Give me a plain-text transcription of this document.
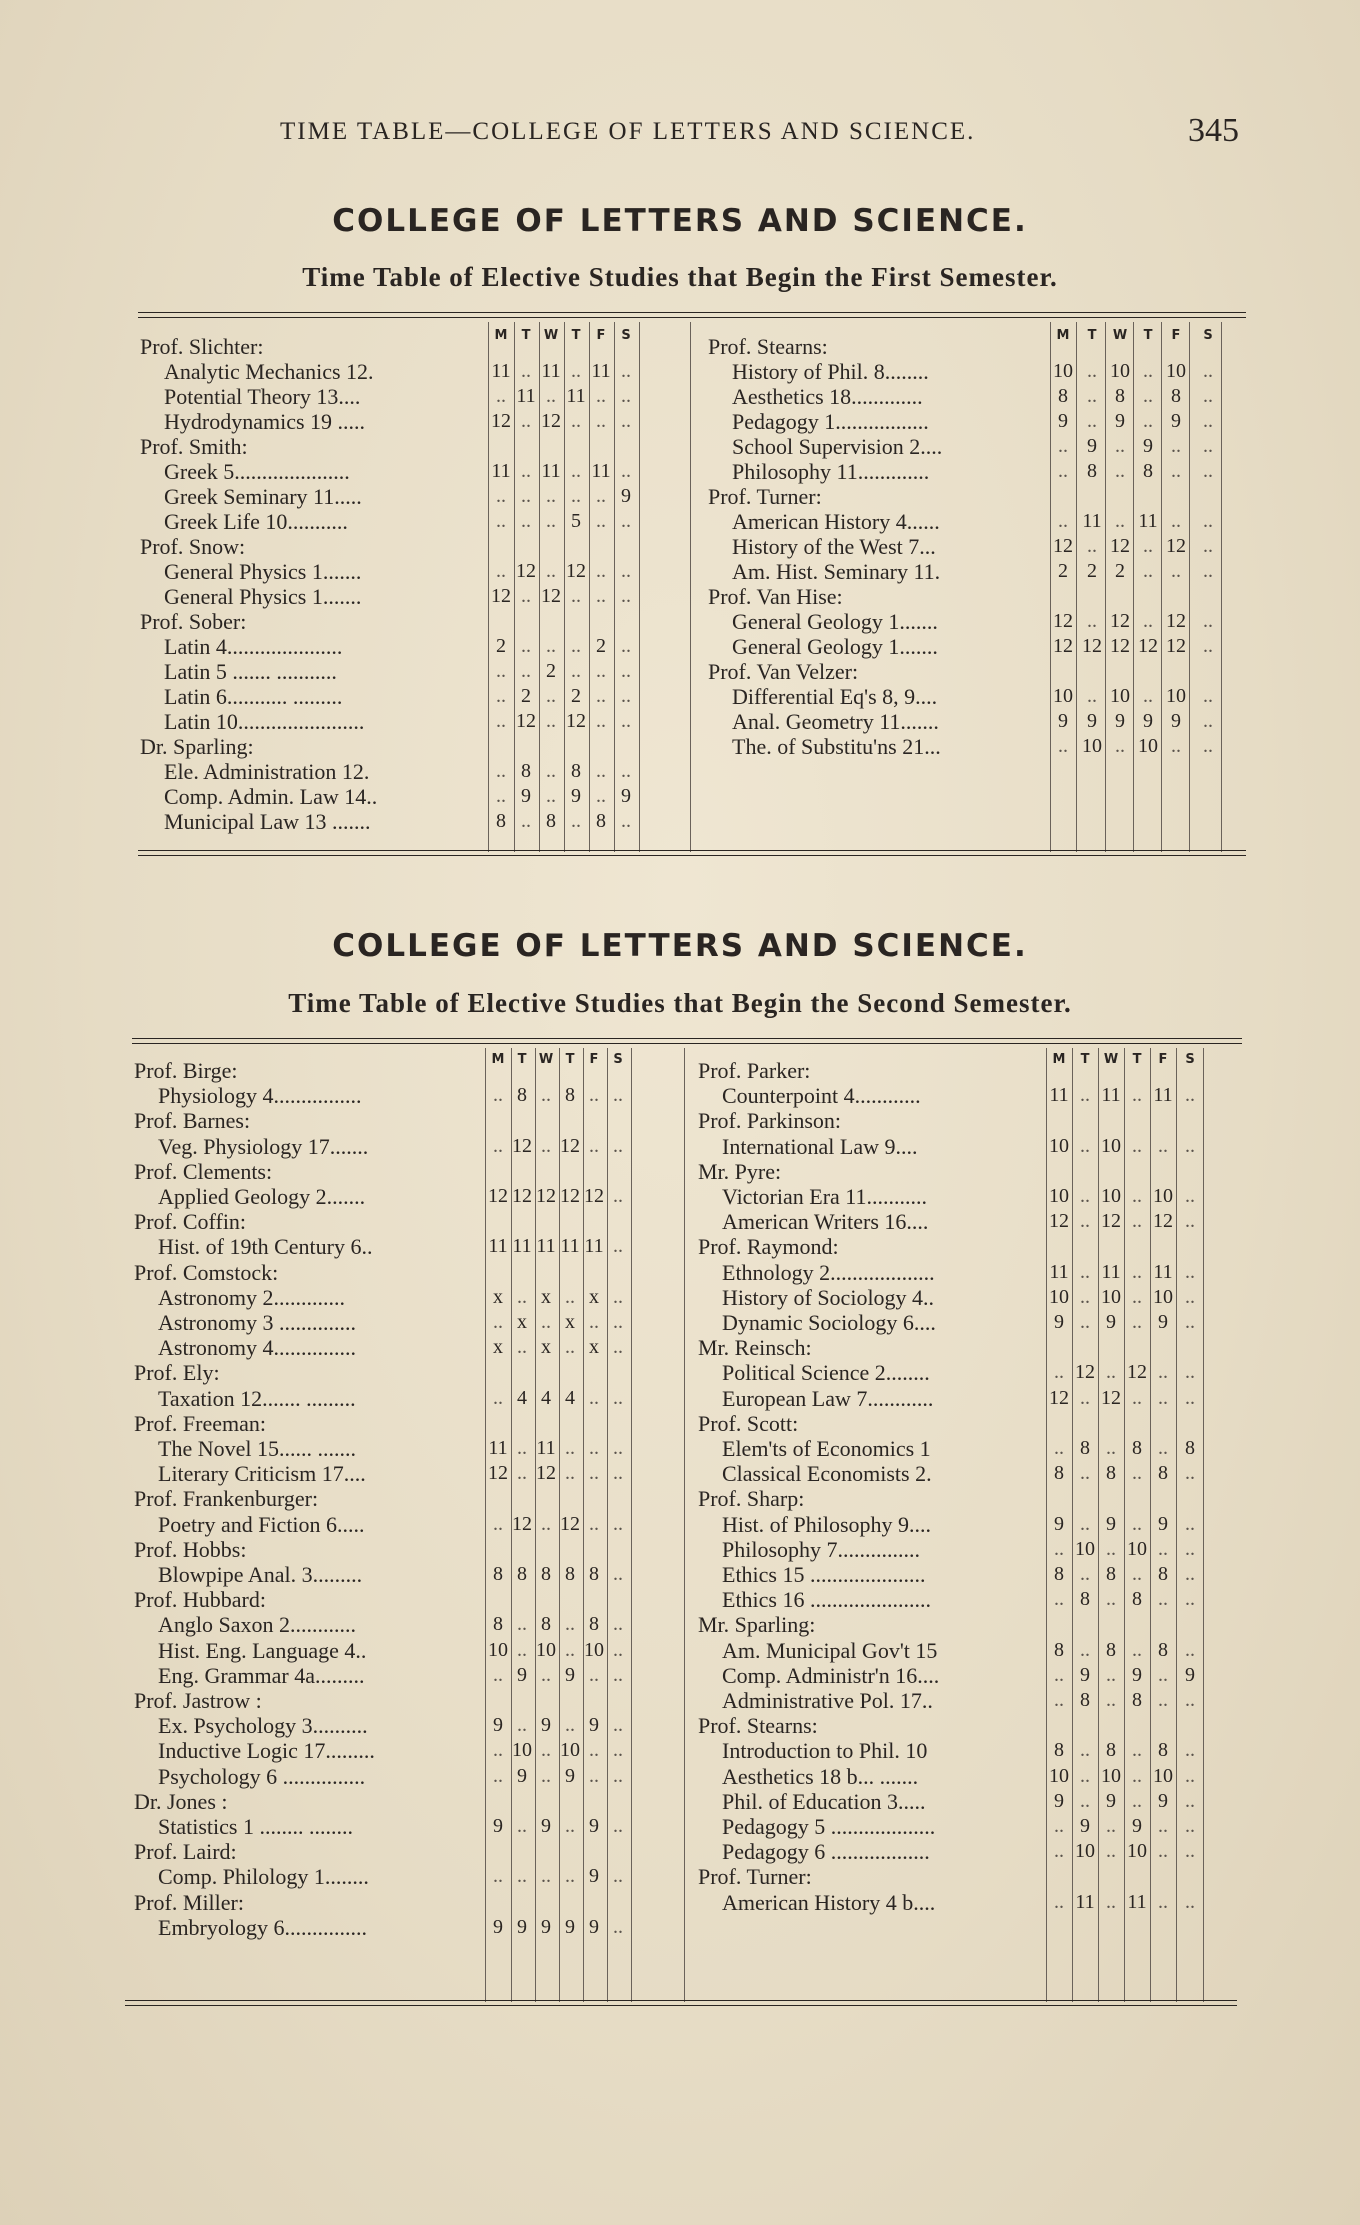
TIME TABLE—COLLEGE OF LETTERS AND SCIENCE.	345
COLLEGE OF LETTERS AND SCIENCE.
Time Table of Elective Studies that Begin the First Semester.
M	T	W	T	F	S
Prof. Slichter:
Analytic Mechanics 12.	11 .. 11 .. 11 ..
Potential Theory 13....	.. 11 .. 11 .. ..
Hydrodynamics 19 .....	12 .. 12 .. .. ..
Prof. Smith:
Greek 5.....................	11 .. 11 .. 11 ..
Greek Seminary 11.....	.. .. .. .. .. 9
Greek Life 10...........	.. .. .. 5 .. ..
Prof. Snow:
General Physics 1.......	.. 12 .. 12 .. ..
General Physics 1.......	12 .. 12 .. .. ..
Prof. Sober:
Latin 4.....................	2 .. .. .. 2 ..
Latin 5 ....... ...........	.. .. 2 .. .. ..
Latin 6........... .........	.. 2 .. 2 .. ..
Latin 10.......................	.. 12 .. 12 .. ..
Dr. Sparling:
Ele. Administration 12.	.. 8 .. 8 .. ..
Comp. Admin. Law 14..	.. 9 .. 9 .. 9
Municipal Law 13 .......	8 .. 8 .. 8 ..
M	T	W	T	F	S
Prof. Stearns:
History of Phil. 8........	10 .. 10 .. 10 ..
Aesthetics 18.............	8 .. 8 .. 8	..
Pedagogy 1.................	9 .. 9 .. 9	..
School Supervision 2....	.. 9 .. 9 ..	..
Philosophy 11.............	.. 8 .. 8 ..	..
Prof. Turner:
American History 4......	.. 11 .. 11 ..	..
History of the West 7...	12 .. 12 .. 12 ..
Am. Hist. Seminary 11.	2 2 2 .. ..	..
Prof. Van Hise:
General Geology 1.......	12 .. 12 .. 12 ..
General Geology 1.......	12 12 12 12 12 ..
Prof. Van Velzer:
Differential Eq's 8, 9....	10 .. 10 .. 10 ..
Anal. Geometry 11.......	9 9 9 9 9	..
The. of Substitu'ns 21...	.. 10 .. 10 ..	..
COLLEGE OF LETTERS AND SCIENCE.
Time Table of Elective Studies that Begin the Second Semester.
M	T W T	F	S
Prof. Birge:
Physiology 4................	.. 8 .. 8 .. ..
Prof. Barnes:
Veg. Physiology 17.......	.. 12 .. 12 .. ..
Prof. Clements:
Applied Geology 2.......	12 12 12 12 12 ..
Prof. Coffin:
Hist. of 19th Century 6..	11 11 11 11 11 ..
Prof. Comstock:
Astronomy 2.............	x .. x .. x ..
Astronomy 3 ..............	.. x .. x .. ..
Astronomy 4...............	x .. x .. x ..
Prof. Ely:
Taxation 12....... .........	.. 4 4 4 .. ..
Prof. Freeman:
The Novel 15...... .......	11 .. 11 .. .. ..
Literary Criticism 17....	12 .. 12 .. .. ..
Prof. Frankenburger:
Poetry and Fiction 6.....	.. 12 .. 12 .. ..
Prof. Hobbs:
Blowpipe Anal. 3.........	8 8 8 8 8 ..
Prof. Hubbard:
Anglo Saxon 2............	8 .. 8 .. 8 ..
Hist. Eng. Language 4..	10 .. 10 .. 10 ..
Eng. Grammar 4a.........	.. 9 .. 9 .. ..
Prof. Jastrow :
Ex. Psychology 3..........	9 .. 9 .. 9 ..
Inductive Logic 17.........	.. 10 .. 10 .. ..
Psychology 6 ...............	.. 9 .. 9 .. ..
Dr. Jones :
Statistics 1 ........ ........	9 .. 9 .. 9 ..
Prof. Laird:
Comp. Philology 1........	.. .. .. .. 9 ..
Prof. Miller:
Embryology 6...............	9 9 9 9 9 ..
M	T	W	T	F	S
Prof. Parker:
Counterpoint 4............	11 .. 11 .. 11 ..
Prof. Parkinson:
International Law 9....	10 .. 10 .. .. ..
Mr. Pyre:
Victorian Era 11...........	10 .. 10 .. 10 ..
American Writers 16....	12 .. 12 .. 12 ..
Prof. Raymond:
Ethnology 2...................	11 .. 11 .. 11 ..
History of Sociology 4..	10 .. 10 .. 10 ..
Dynamic Sociology 6....	9 .. 9 .. 9 ..
Mr. Reinsch:
Political Science 2........	.. 12 .. 12 .. ..
European Law 7............	12 .. 12 .. .. ..
Prof. Scott:
Elem'ts of Economics 1	.. 8 .. 8 .. 8
Classical Economists 2.	8 .. 8 .. 8 ..
Prof. Sharp:
Hist. of Philosophy 9....	9 .. 9 .. 9 ..
Philosophy 7...............	.. 10 .. 10 .. ..
Ethics 15 .....................	8 .. 8 .. 8 ..
Ethics 16 ......................	.. 8 .. 8 .. ..
Mr. Sparling:
Am. Municipal Gov't 15	8 .. 8 .. 8 ..
Comp. Administr'n 16....	.. 9 .. 9 .. 9
Administrative Pol. 17..	.. 8 .. 8 .. ..
Prof. Stearns:
Introduction to Phil. 10	8 .. 8 .. 8 ..
Aesthetics 18 b... .......	10 .. 10 .. 10 ..
Phil. of Education 3.....	9 .. 9 .. 9 ..
Pedagogy 5 ...................	.. 9 .. 9 .. ..
Pedagogy 6 ..................	.. 10 .. 10 .. ..
Prof. Turner:
American History 4 b....	.. 11 .. 11 .. ..
